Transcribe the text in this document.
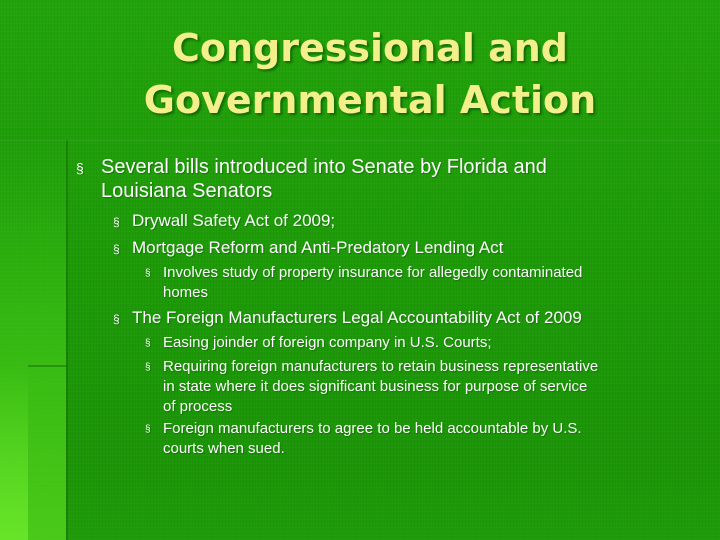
Congressional and
Governmental Action
§ Several bills introduced into Senate by Florida and
Louisiana Senators
§ Drywall Safety Act of 2009;
§ Mortgage Reform and Anti-Predatory Lending Act
§ Involves study of property insurance for allegedly contaminated
homes
§ The Foreign Manufacturers Legal Accountability Act of 2009
§ Easing joinder of foreign company in U.S. Courts;
§ Requiring foreign manufacturers to retain business representative
in state where it does significant business for purpose of service
of process
§ Foreign manufacturers to agree to be held accountable by U.S.
courts when sued.
